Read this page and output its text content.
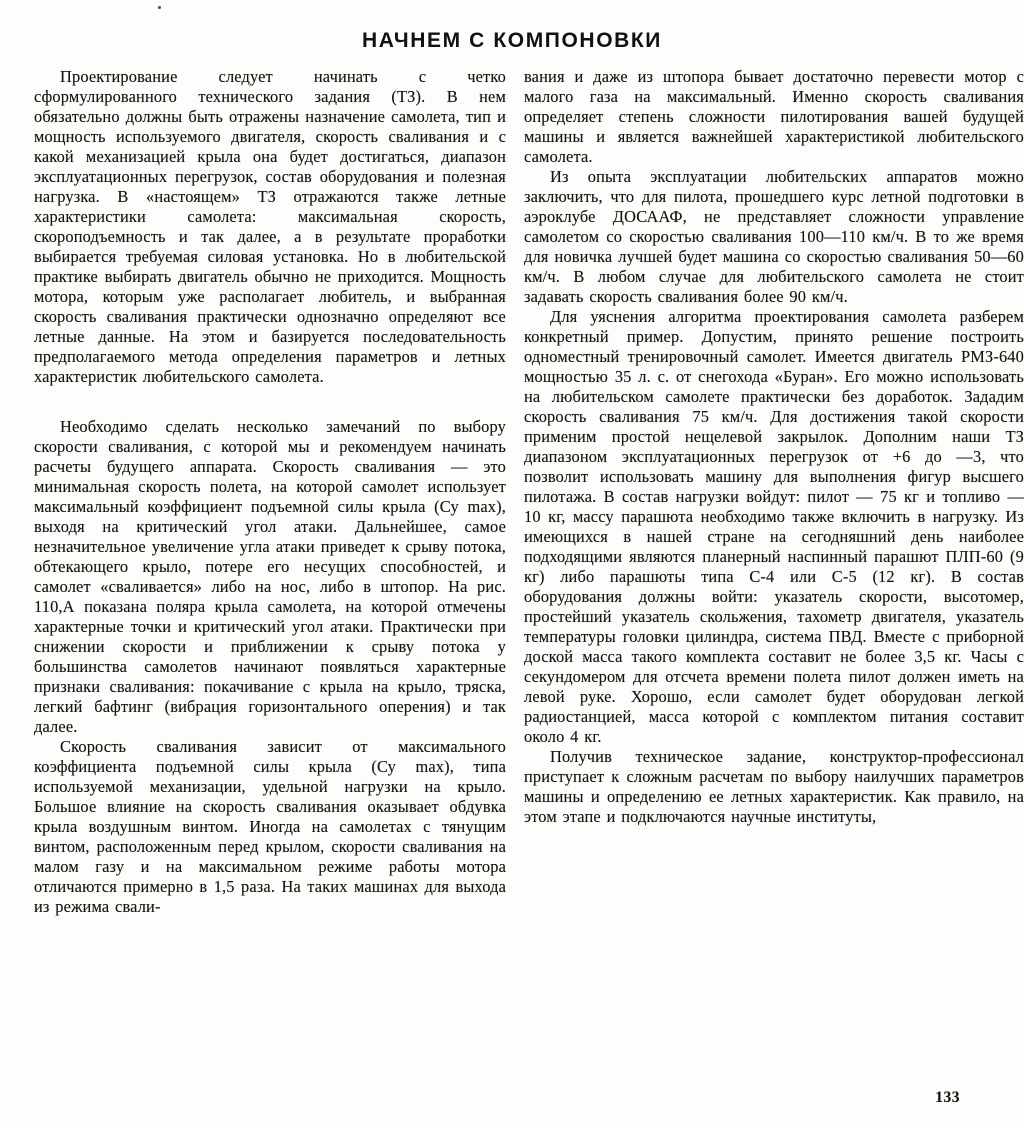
НАЧНЕМ С КОМПОНОВКИ

Проектирование следует начинать с четко сформулированного технического задания (ТЗ). В нем обязательно должны быть отражены назначение самолета, тип и мощность используемого двигателя, скорость сваливания и с какой механизацией крыла она будет достигаться, диапазон эксплуатационных перегрузок, состав оборудования и полезная нагрузка. В «настоящем» ТЗ отражаются также летные характеристики самолета: максимальная скорость, скороподъемность и так далее, а в результате проработки выбирается требуемая силовая установка. Но в любительской практике выбирать двигатель обычно не приходится. Мощность мотора, которым уже располагает любитель, и выбранная скорость сваливания практически однозначно определяют все летные данные. На этом и базируется последовательность предполагаемого метода определения параметров и летных характеристик любительского самолета.

Необходимо сделать несколько замечаний по выбору скорости сваливания, с которой мы и рекомендуем начинать расчеты будущего аппарата. Скорость сваливания — это минимальная скорость полета, на которой самолет использует максимальный коэффициент подъемной силы крыла (Су max), выходя на критический угол атаки. Дальнейшее, самое незначительное увеличение угла атаки приведет к срыву потока, обтекающего крыло, потере его несущих способностей, и самолет «сваливается» либо на нос, либо в штопор. На рис. 110,А показана поляра крыла самолета, на которой отмечены характерные точки и критический угол атаки. Практически при снижении скорости и приближении к срыву потока у большинства самолетов начинают появляться характерные признаки сваливания: покачивание с крыла на крыло, тряска, легкий бафтинг (вибрация горизонтального оперения) и так далее.

Скорость сваливания зависит от максимального коэффициента подъемной силы крыла (Су max), типа используемой механизации, удельной нагрузки на крыло. Большое влияние на скорость сваливания оказывает обдувка крыла воздушным винтом. Иногда на самолетах с тянущим винтом, расположенным перед крылом, скорости сваливания на малом газу и на максимальном режиме работы мотора отличаются примерно в 1,5 раза. На таких машинах для выхода из режима свали-

вания и даже из штопора бывает достаточно перевести мотор с малого газа на максимальный. Именно скорость сваливания определяет степень сложности пилотирования вашей будущей машины и является важнейшей характеристикой любительского самолета.

Из опыта эксплуатации любительских аппаратов можно заключить, что для пилота, прошедшего курс летной подготовки в аэроклубе ДОСААФ, не представляет сложности управление самолетом со скоростью сваливания 100—110 км/ч. В то же время для новичка лучшей будет машина со скоростью сваливания 50—60 км/ч. В любом случае для любительского самолета не стоит задавать скорость сваливания более 90 км/ч.

Для уяснения алгоритма проектирования самолета разберем конкретный пример. Допустим, принято решение построить одноместный тренировочный самолет. Имеется двигатель РМЗ-640 мощностью 35 л. с. от снегохода «Буран». Его можно использовать на любительском самолете практически без доработок. Зададим скорость сваливания 75 км/ч. Для достижения такой скорости применим простой нещелевой закрылок. Дополним наши ТЗ диапазоном эксплуатационных перегрузок от +6 до —3, что позволит использовать машину для выполнения фигур высшего пилотажа. В состав нагрузки войдут: пилот — 75 кг и топливо — 10 кг, массу парашюта необходимо также включить в нагрузку. Из имеющихся в нашей стране на сегодняшний день наиболее подходящими являются планерный наспинный парашют ПЛП-60 (9 кг) либо парашюты типа С-4 или С-5 (12 кг). В состав оборудования должны войти: указатель скорости, высотомер, простейший указатель скольжения, тахометр двигателя, указатель температуры головки цилиндра, система ПВД. Вместе с приборной доской масса такого комплекта составит не более 3,5 кг. Часы с секундомером для отсчета времени полета пилот должен иметь на левой руке. Хорошо, если самолет будет оборудован легкой радиостанцией, масса которой с комплектом питания составит около 4 кг.

Получив техническое задание, конструктор-профессионал приступает к сложным расчетам по выбору наилучших параметров машины и определению ее летных характеристик. Как правило, на этом этапе и подключаются научные институты,

133
